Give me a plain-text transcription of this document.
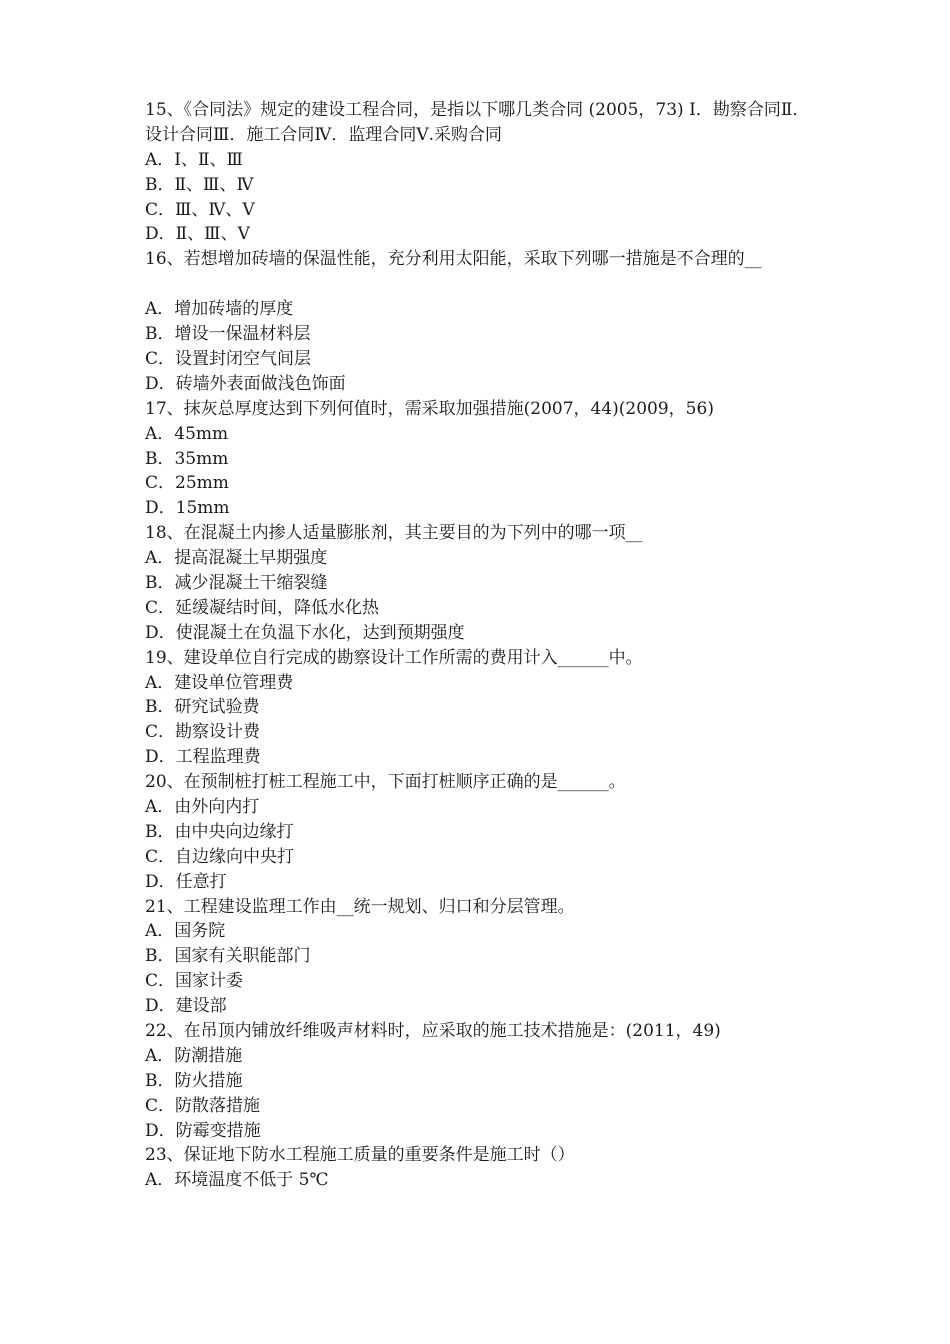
15、《合同法》规定的建设工程合同，是指以下哪几类合同 (2005，73) Ⅰ．勘察合同Ⅱ．设计合同Ⅲ．施工合同Ⅳ．监理合同Ⅴ.采购合同
A．Ⅰ、Ⅱ、Ⅲ
B．Ⅱ、Ⅲ、Ⅳ
C．Ⅲ、Ⅳ、Ⅴ
D．Ⅱ、Ⅲ、Ⅴ
16、若想增加砖墙的保温性能，充分利用太阳能，采取下列哪一措施是不合理的__
A．增加砖墙的厚度
B．增设一保温材料层
C．设置封闭空气间层
D．砖墙外表面做浅色饰面
17、抹灰总厚度达到下列何值时，需采取加强措施(2007，44)(2009，56)
A．45mm
B．35mm
C．25mm
D．15mm
18、在混凝土内掺人适量膨胀剂，其主要目的为下列中的哪一项__
A．提高混凝土早期强度
B．减少混凝土干缩裂缝
C．延缓凝结时间，降低水化热
D．使混凝土在负温下水化，达到预期强度
19、建设单位自行完成的勘察设计工作所需的费用计入______中。
A．建设单位管理费
B．研究试验费
C．勘察设计费
D．工程监理费
20、在预制桩打桩工程施工中，下面打桩顺序正确的是______。
A．由外向内打
B．由中央向边缘打
C．自边缘向中央打
D．任意打
21、工程建设监理工作由__统一规划、归口和分层管理。
A．国务院
B．国家有关职能部门
C．国家计委
D．建设部
22、在吊顶内铺放纤维吸声材料时，应采取的施工技术措施是：(2011，49)
A．防潮措施
B．防火措施
C．防散落措施
D．防霉变措施
23、保证地下防水工程施工质量的重要条件是施工时（）
A．环境温度不低于 5℃
